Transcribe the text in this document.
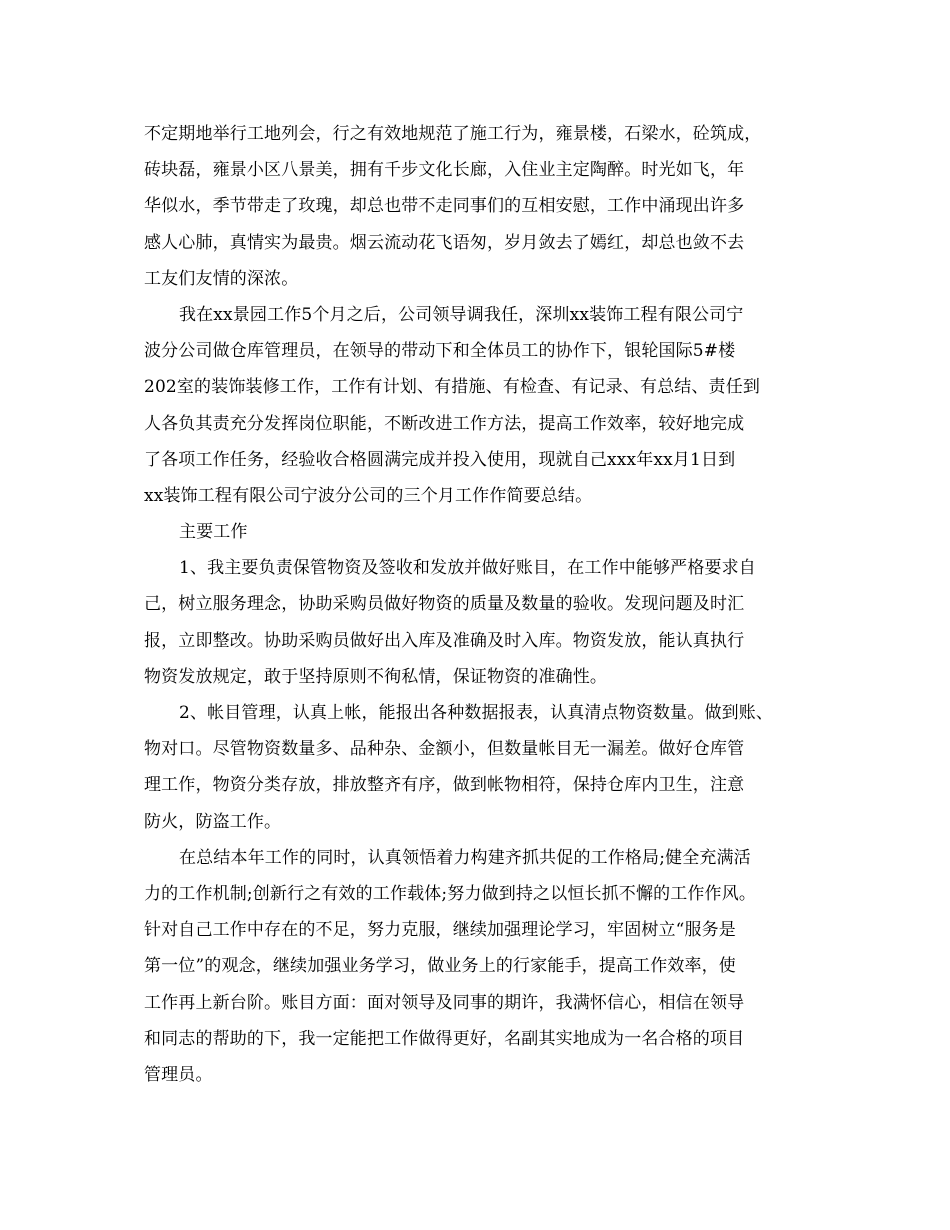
不定期地举行工地列会，行之有效地规范了施工行为，雍景楼，石梁水，砼筑成，
砖块磊，雍景小区八景美，拥有千步文化长廊，入住业主定陶醉。时光如飞，年
华似水，季节带走了玫瑰，却总也带不走同事们的互相安慰，工作中涌现出许多
感人心肺，真情实为最贵。烟云流动花飞语匆，岁月敛去了嫣红，却总也敛不去
工友们友情的深浓。
我在xx景园工作5个月之后，公司领导调我任，深圳xx装饰工程有限公司宁
波分公司做仓库管理员，在领导的带动下和全体员工的协作下，银轮国际5#楼
202室的装饰装修工作，工作有计划、有措施、有检查、有记录、有总结、责任到
人各负其责充分发挥岗位职能，不断改进工作方法，提高工作效率，较好地完成
了各项工作任务，经验收合格圆满完成并投入使用，现就自己xxx年xx月1日到
xx装饰工程有限公司宁波分公司的三个月工作作简要总结。
主要工作
1、我主要负责保管物资及签收和发放并做好账目，在工作中能够严格要求自
己，树立服务理念，协助采购员做好物资的质量及数量的验收。发现问题及时汇
报，立即整改。协助采购员做好出入库及准确及时入库。物资发放，能认真执行
物资发放规定，敢于坚持原则不徇私情，保证物资的准确性。
2、帐目管理，认真上帐，能报出各种数据报表，认真清点物资数量。做到账、
物对口。尽管物资数量多、品种杂、金额小，但数量帐目无一漏差。做好仓库管
理工作，物资分类存放，排放整齐有序，做到帐物相符，保持仓库内卫生，注意
防火，防盗工作。
在总结本年工作的同时，认真领悟着力构建齐抓共促的工作格局;健全充满活
力的工作机制;创新行之有效的工作载体;努力做到持之以恒长抓不懈的工作作风。
针对自己工作中存在的不足，努力克服，继续加强理论学习，牢固树立“服务是
第一位”的观念，继续加强业务学习，做业务上的行家能手，提高工作效率，使
工作再上新台阶。账目方面：面对领导及同事的期许，我满怀信心，相信在领导
和同志的帮助的下，我一定能把工作做得更好，名副其实地成为一名合格的项目
管理员。
